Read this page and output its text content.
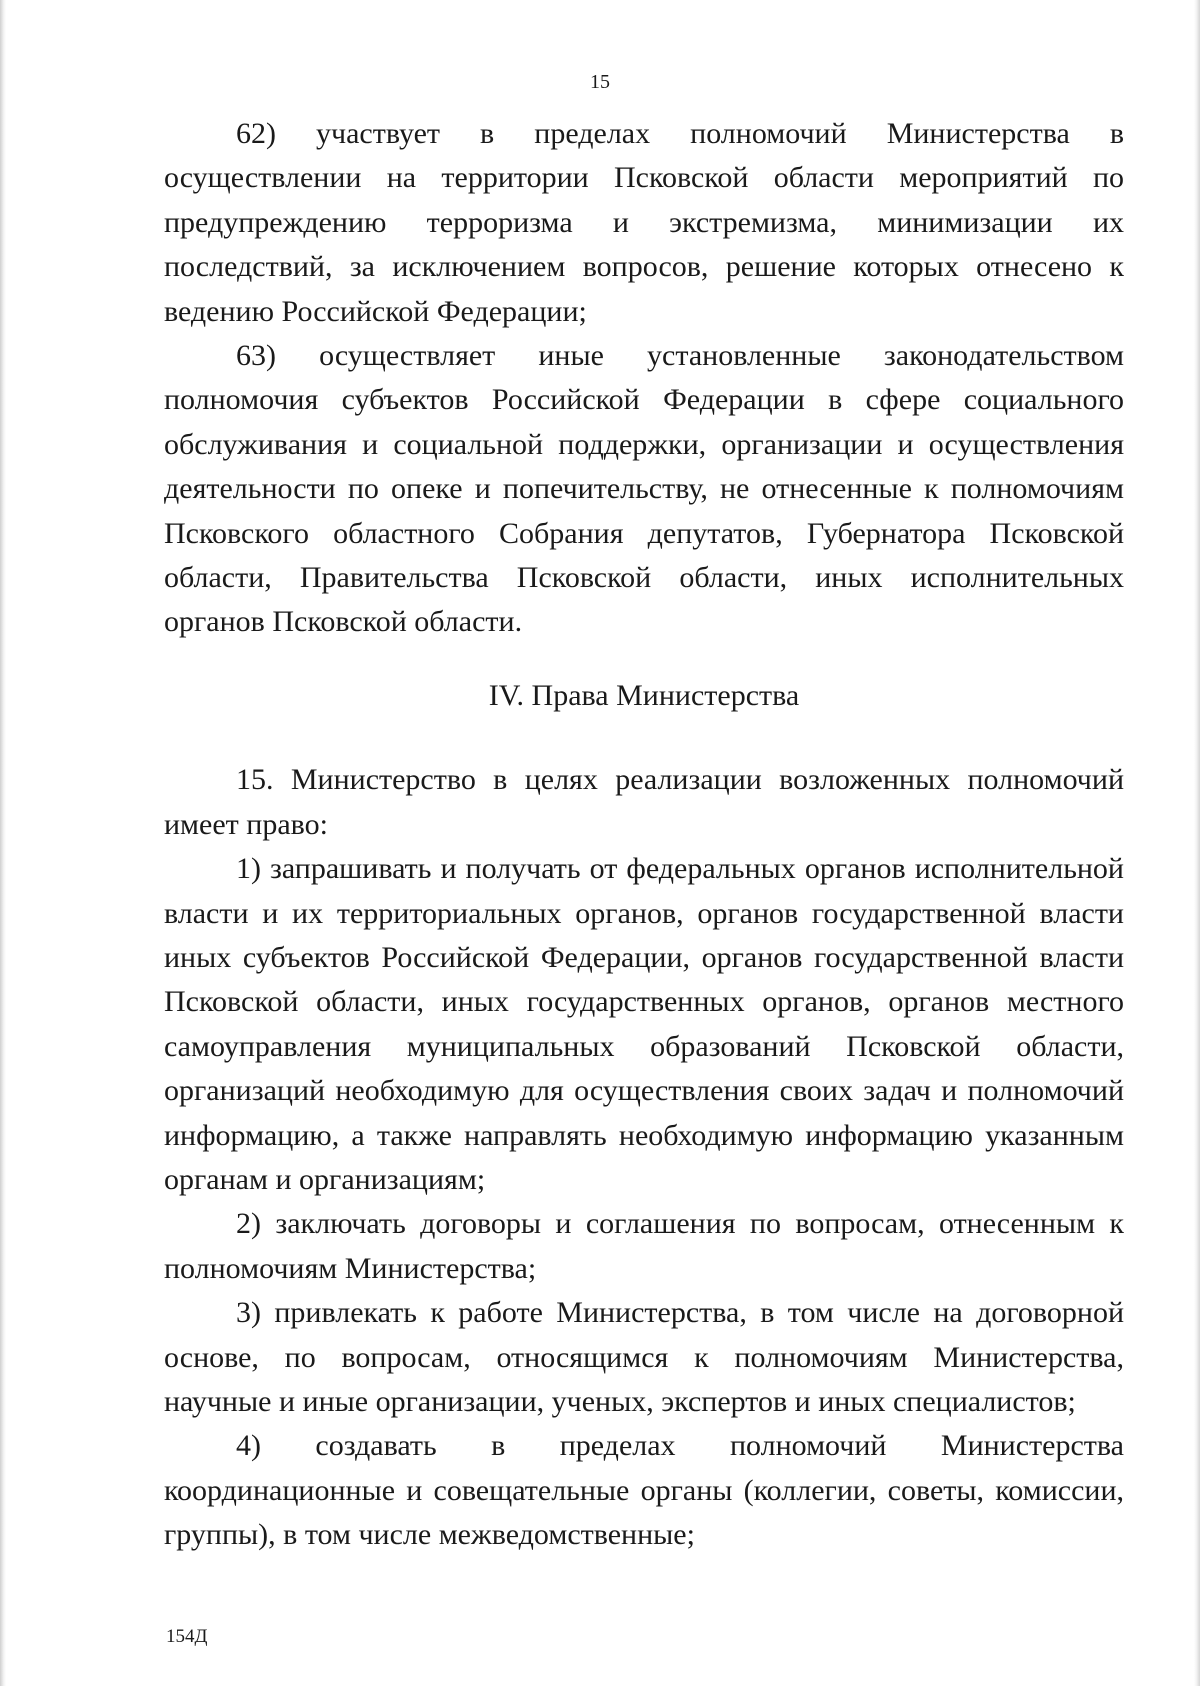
15

62) участвует в пределах полномочий Министерства в осуществлении на территории Псковской области мероприятий по предупреждению терроризма и экстремизма, минимизации их последствий, за исключением вопросов, решение которых отнесено к ведению Российской Федерации;

63) осуществляет иные установленные законодательством полномочия субъектов Российской Федерации в сфере социального обслуживания и социальной поддержки, организации и осуществления деятельности по опеке и попечительству, не отнесенные к полномочиям Псковского областного Собрания депутатов, Губернатора Псковской области, Правительства Псковской области, иных исполнительных органов Псковской области.

IV. Права Министерства

15. Министерство в целях реализации возложенных полномочий имеет право:

1) запрашивать и получать от федеральных органов исполнительной власти и их территориальных органов, органов государственной власти иных субъектов Российской Федерации, органов государственной власти Псковской области, иных государственных органов, органов местного самоуправления муниципальных образований Псковской области, организаций необходимую для осуществления своих задач и полномочий информацию, а также направлять необходимую информацию указанным органам и организациям;

2) заключать договоры и соглашения по вопросам, отнесенным к полномочиям Министерства;

3) привлекать к работе Министерства, в том числе на договорной основе, по вопросам, относящимся к полномочиям Министерства, научные и иные организации, ученых, экспертов и иных специалистов;

4) создавать в пределах полномочий Министерства координационные и совещательные органы (коллегии, советы, комиссии, группы), в том числе межведомственные;

154Д
